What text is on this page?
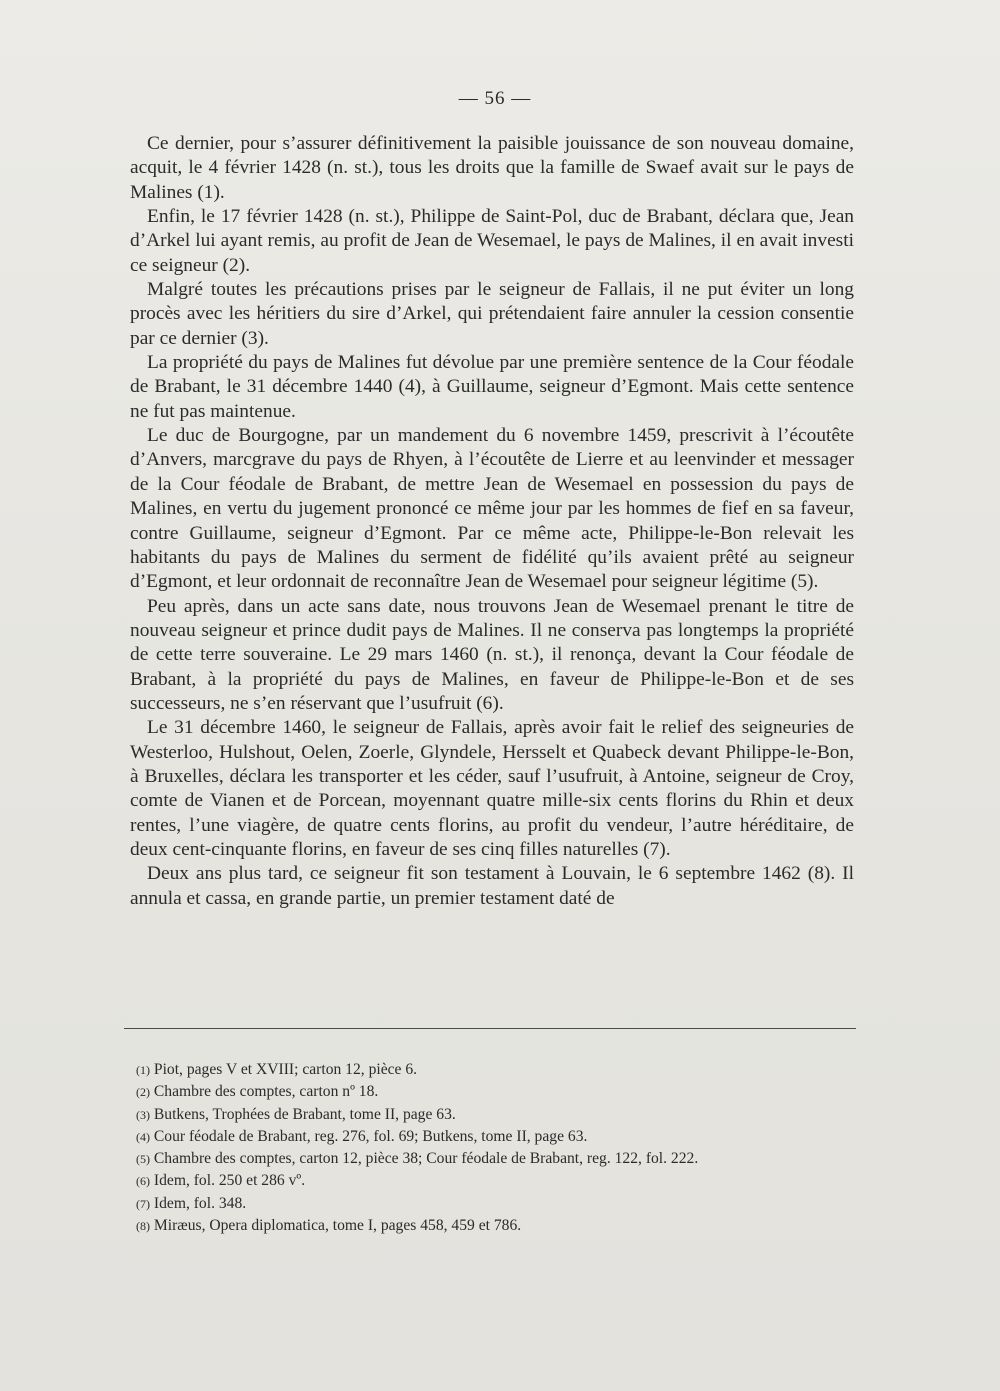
— 56 —

Ce dernier, pour s’assurer définitivement la paisible jouissance de son nouveau domaine, acquit, le 4 février 1428 (n. st.), tous les droits que la famille de Swaef avait sur le pays de Malines (1).

Enfin, le 17 février 1428 (n. st.), Philippe de Saint-Pol, duc de Brabant, déclara que, Jean d’Arkel lui ayant remis, au profit de Jean de Wesemael, le pays de Malines, il en avait investi ce seigneur (2).

Malgré toutes les précautions prises par le seigneur de Fallais, il ne put éviter un long procès avec les héritiers du sire d’Arkel, qui prétendaient faire annuler la cession consentie par ce dernier (3).

La propriété du pays de Malines fut dévolue par une première sentence de la Cour féodale de Brabant, le 31 décembre 1440 (4), à Guillaume, seigneur d’Egmont. Mais cette sentence ne fut pas maintenue.

Le duc de Bourgogne, par un mandement du 6 novembre 1459, prescrivit à l’écoutête d’Anvers, marcgrave du pays de Rhyen, à l’écoutête de Lierre et au leenvinder et messager de la Cour féodale de Brabant, de mettre Jean de Wesemael en possession du pays de Malines, en vertu du jugement prononcé ce même jour par les hommes de fief en sa faveur, contre Guillaume, seigneur d’Egmont. Par ce même acte, Philippe-le-Bon relevait les habitants du pays de Malines du serment de fidélité qu’ils avaient prêté au seigneur d’Egmont, et leur ordonnait de reconnaître Jean de Wesemael pour seigneur légitime (5).

Peu après, dans un acte sans date, nous trouvons Jean de Wesemael prenant le titre de nouveau seigneur et prince dudit pays de Malines. Il ne conserva pas longtemps la propriété de cette terre souveraine. Le 29 mars 1460 (n. st.), il renonça, devant la Cour féodale de Brabant, à la propriété du pays de Malines, en faveur de Philippe-le-Bon et de ses successeurs, ne s’en réservant que l’usufruit (6).

Le 31 décembre 1460, le seigneur de Fallais, après avoir fait le relief des seigneuries de Westerloo, Hulshout, Oelen, Zoerle, Glyndele, Hersselt et Quabeck devant Philippe-le-Bon, à Bruxelles, déclara les transporter et les céder, sauf l’usufruit, à Antoine, seigneur de Croy, comte de Vianen et de Porcean, moyennant quatre mille-six cents florins du Rhin et deux rentes, l’une viagère, de quatre cents florins, au profit du vendeur, l’autre héréditaire, de deux cent-cinquante florins, en faveur de ses cinq filles naturelles (7).

Deux ans plus tard, ce seigneur fit son testament à Louvain, le 6 septembre 1462 (8). Il annula et cassa, en grande partie, un premier testament daté de

(1) Piot, pages V et XVIII; carton 12, pièce 6.
(2) Chambre des comptes, carton nº 18.
(3) Butkens, Trophées de Brabant, tome II, page 63.
(4) Cour féodale de Brabant, reg. 276, fol. 69; Butkens, tome II, page 63.
(5) Chambre des comptes, carton 12, pièce 38; Cour féodale de Brabant, reg. 122, fol. 222.
(6) Idem, fol. 250 et 286 vº.
(7) Idem, fol. 348.
(8) Miræus, Opera diplomatica, tome I, pages 458, 459 et 786.
